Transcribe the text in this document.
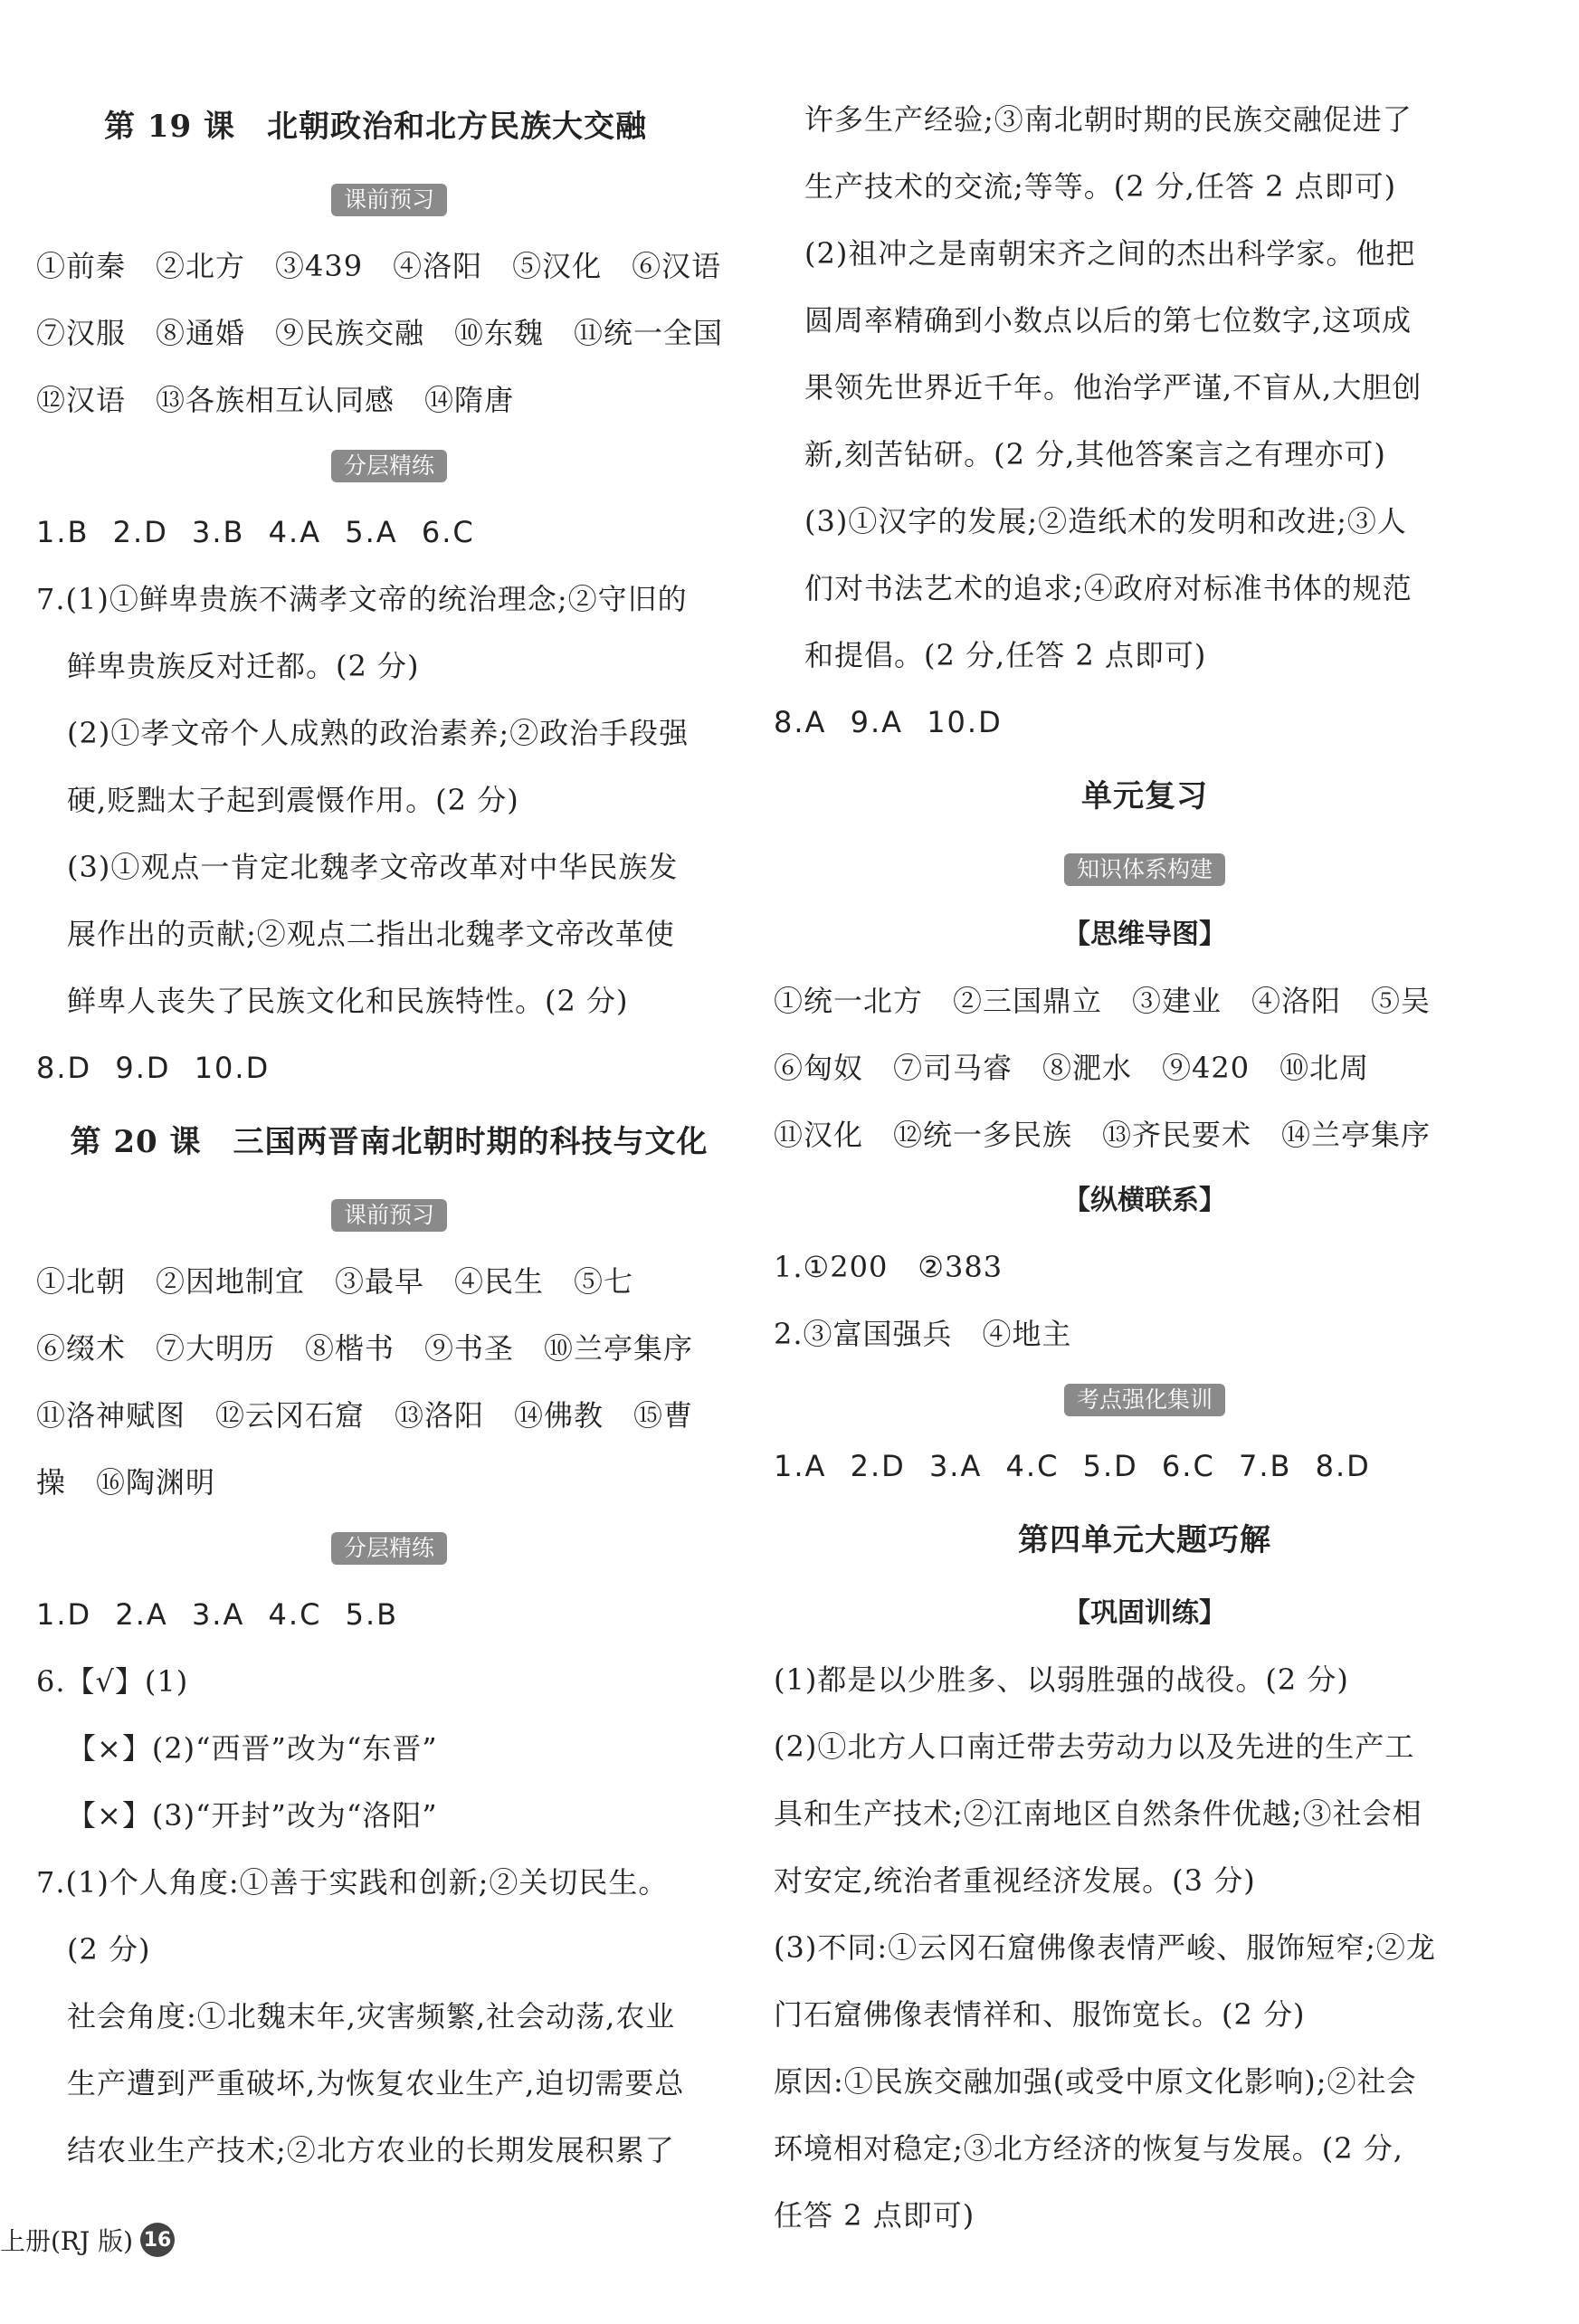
第 19 课　北朝政治和北方民族大交融
课前预习
①前秦　②北方　③439　④洛阳　⑤汉化　⑥汉语
⑦汉服　⑧通婚　⑨民族交融　⑩东魏　⑪统一全国
⑫汉语　⑬各族相互认同感　⑭隋唐
分层精练
1.B 2.D 3.B 4.A 5.A 6.C
7.(1)①鲜卑贵族不满孝文帝的统治理念;②守旧的
鲜卑贵族反对迁都。(2 分)
(2)①孝文帝个人成熟的政治素养;②政治手段强
硬,贬黜太子起到震慑作用。(2 分)
(3)①观点一肯定北魏孝文帝改革对中华民族发
展作出的贡献;②观点二指出北魏孝文帝改革使
鲜卑人丧失了民族文化和民族特性。(2 分)
8.D 9.D 10.D
第 20 课　三国两晋南北朝时期的科技与文化
课前预习
①北朝　②因地制宜　③最早　④民生　⑤七
⑥缀术　⑦大明历　⑧楷书　⑨书圣　⑩兰亭集序
⑪洛神赋图　⑫云冈石窟　⑬洛阳　⑭佛教　⑮曹
操　⑯陶渊明
分层精练
1.D 2.A 3.A 4.C 5.B
6.【√】(1)
【×】(2)“西晋”改为“东晋”
【×】(3)“开封”改为“洛阳”
7.(1)个人角度:①善于实践和创新;②关切民生。
(2 分)
社会角度:①北魏末年,灾害频繁,社会动荡,农业
生产遭到严重破坏,为恢复农业生产,迫切需要总
结农业生产技术;②北方农业的长期发展积累了
许多生产经验;③南北朝时期的民族交融促进了
生产技术的交流;等等。(2 分,任答 2 点即可)
(2)祖冲之是南朝宋齐之间的杰出科学家。他把
圆周率精确到小数点以后的第七位数字,这项成
果领先世界近千年。他治学严谨,不盲从,大胆创
新,刻苦钻研。(2 分,其他答案言之有理亦可)
(3)①汉字的发展;②造纸术的发明和改进;③人
们对书法艺术的追求;④政府对标准书体的规范
和提倡。(2 分,任答 2 点即可)
8.A 9.A 10.D
单元复习
知识体系构建
【思维导图】
①统一北方　②三国鼎立　③建业　④洛阳　⑤吴
⑥匈奴　⑦司马睿　⑧淝水　⑨420　⑩北周
⑪汉化　⑫统一多民族　⑬齐民要术　⑭兰亭集序
【纵横联系】
1.①200　②383
2.③富国强兵　④地主
考点强化集训
1.A 2.D 3.A 4.C 5.D 6.C 7.B 8.D
第四单元大题巧解
【巩固训练】
(1)都是以少胜多、以弱胜强的战役。(2 分)
(2)①北方人口南迁带去劳动力以及先进的生产工
具和生产技术;②江南地区自然条件优越;③社会相
对安定,统治者重视经济发展。(3 分)
(3)不同:①云冈石窟佛像表情严峻、服饰短窄;②龙
门石窟佛像表情祥和、服饰宽长。(2 分)
原因:①民族交融加强(或受中原文化影响);②社会
环境相对稳定;③北方经济的恢复与发展。(2 分,
任答 2 点即可)
上册(RJ 版) 16
